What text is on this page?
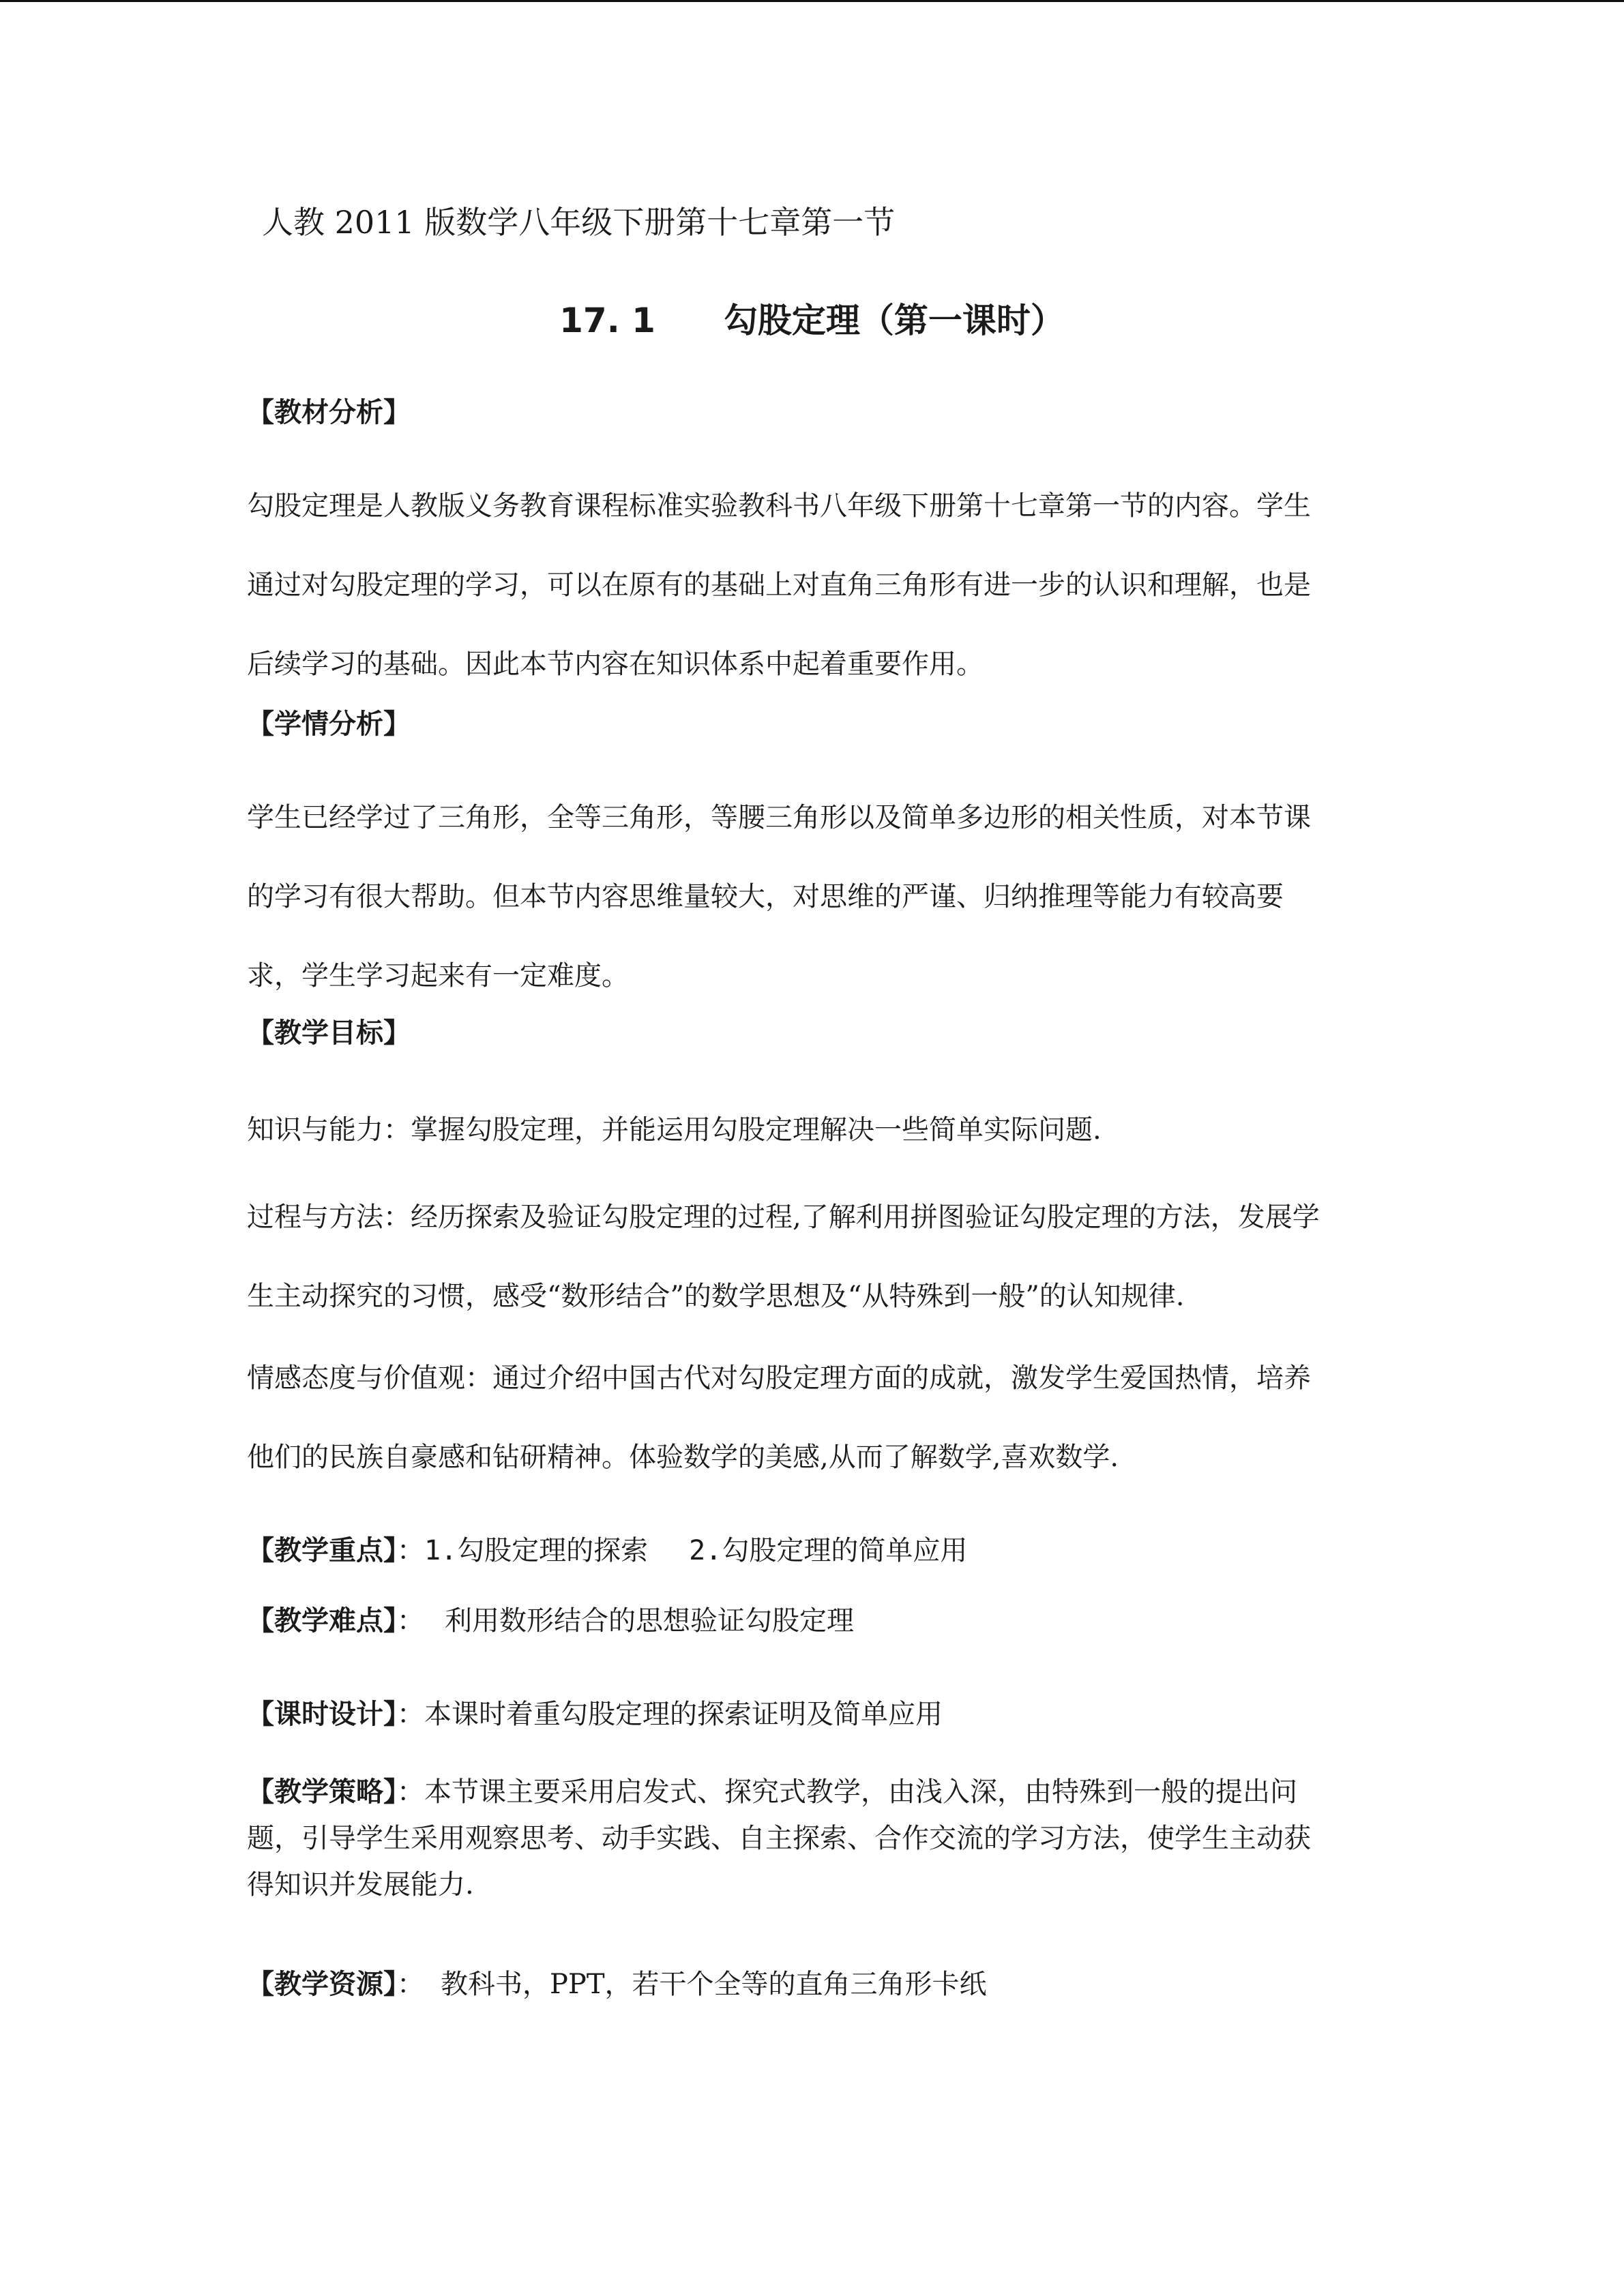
人教 2011 版数学八年级下册第十七章第一节
17. 1 勾股定理（第一课时）
【教材分析】
勾股定理是人教版义务教育课程标准实验教科书八年级下册第十七章第一节的内容。学生
通过对勾股定理的学习，可以在原有的基础上对直角三角形有进一步的认识和理解，也是
后续学习的基础。因此本节内容在知识体系中起着重要作用。
【学情分析】
学生已经学过了三角形，全等三角形，等腰三角形以及简单多边形的相关性质，对本节课
的学习有很大帮助。但本节内容思维量较大，对思维的严谨、归纳推理等能力有较高要
求，学生学习起来有一定难度。
【教学目标】
知识与能力：掌握勾股定理，并能运用勾股定理解决一些简单实际问题.
过程与方法：经历探索及验证勾股定理的过程,了解利用拼图验证勾股定理的方法，发展学
生主动探究的习惯，感受“数形结合”的数学思想及“从特殊到一般”的认知规律.
情感态度与价值观：通过介绍中国古代对勾股定理方面的成就，激发学生爱国热情，培养
他们的民族自豪感和钻研精神。体验数学的美感,从而了解数学,喜欢数学.
【教学重点】：1.勾股定理的探索 2.勾股定理的简单应用
【教学难点】： 利用数形结合的思想验证勾股定理
【课时设计】：本课时着重勾股定理的探索证明及简单应用
【教学策略】：本节课主要采用启发式、探究式教学，由浅入深，由特殊到一般的提出问
题，引导学生采用观察思考、动手实践、自主探索、合作交流的学习方法，使学生主动获
得知识并发展能力.
【教学资源】： 教科书，PPT，若干个全等的直角三角形卡纸
